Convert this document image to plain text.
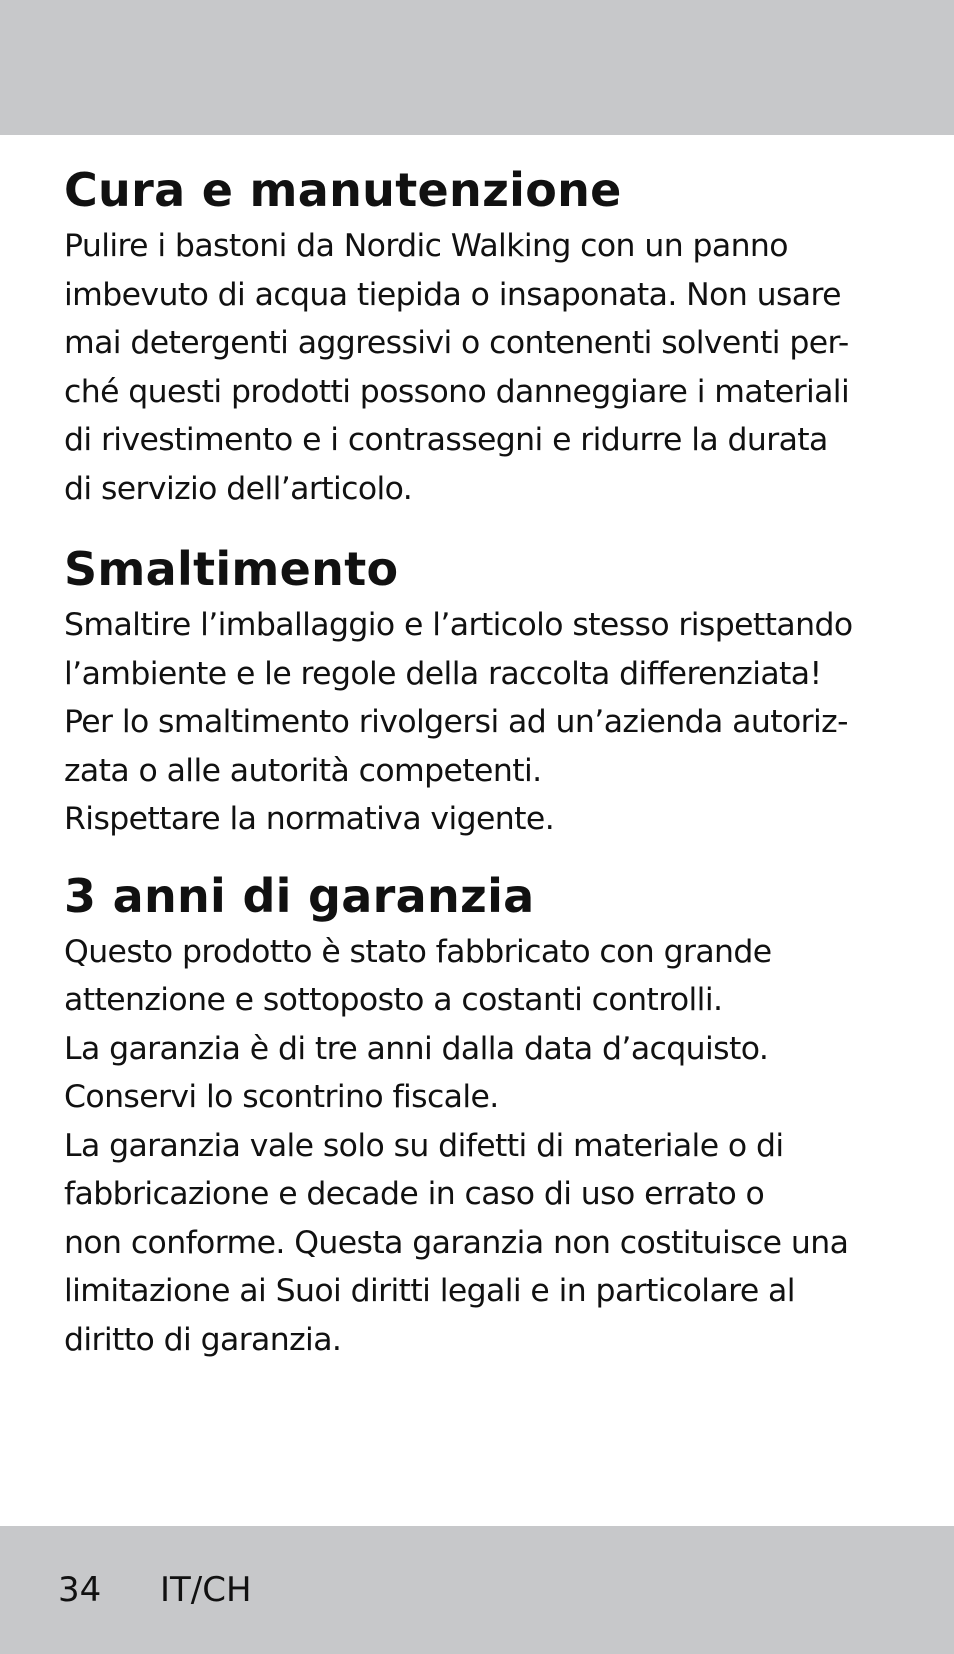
Cura e manutenzione

Pulire i bastoni da Nordic Walking con un panno
imbevuto di acqua tiepida o insaponata. Non usare
mai detergenti aggressivi o contenenti solventi per-
ché questi prodotti possono danneggiare i materiali
di rivestimento e i contrassegni e ridurre la durata
di servizio dell’articolo.

Smaltimento

Smaltire l’imballaggio e l’articolo stesso rispettando
l’ambiente e le regole della raccolta differenziata!
Per lo smaltimento rivolgersi ad un’azienda autoriz-
zata o alle autorità competenti.
Rispettare la normativa vigente.

3 anni di garanzia

Questo prodotto è stato fabbricato con grande
attenzione e sottoposto a costanti controlli.
La garanzia è di tre anni dalla data d’acquisto.
Conservi lo scontrino fiscale.
La garanzia vale solo su difetti di materiale o di
fabbricazione e decade in caso di uso errato o
non conforme. Questa garanzia non costituisce una
limitazione ai Suoi diritti legali e in particolare al
diritto di garanzia.

34 IT/CH
